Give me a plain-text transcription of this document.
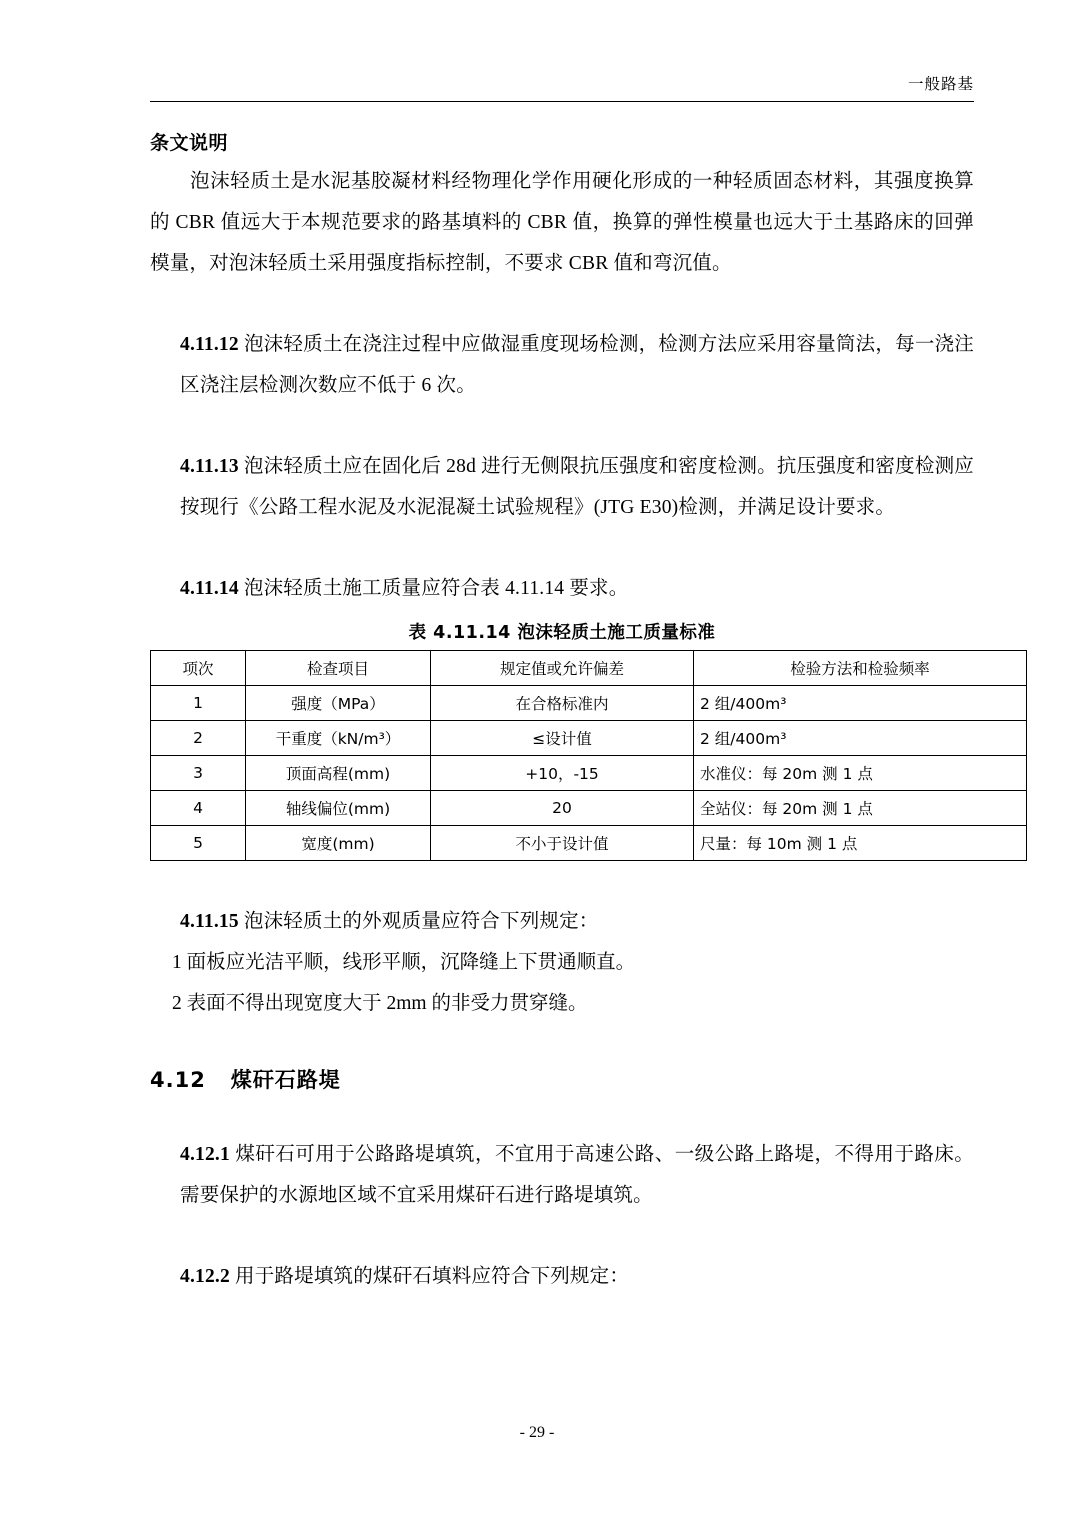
一般路基
条文说明

泡沫轻质土是水泥基胶凝材料经物理化学作用硬化形成的一种轻质固态材料，其强度换算的 CBR 值远大于本规范要求的路基填料的 CBR 值，换算的弹性模量也远大于土基路床的回弹模量，对泡沫轻质土采用强度指标控制，不要求 CBR 值和弯沉值。

4.11.12 泡沫轻质土在浇注过程中应做湿重度现场检测，检测方法应采用容量筒法，每一浇注区浇注层检测次数应不低于 6 次。

4.11.13 泡沫轻质土应在固化后 28d 进行无侧限抗压强度和密度检测。抗压强度和密度检测应按现行《公路工程水泥及水泥混凝土试验规程》(JTG E30)检测，并满足设计要求。

4.11.14 泡沫轻质土施工质量应符合表 4.11.14 要求。

表 4.11.14 泡沫轻质土施工质量标准
项次	检查项目	规定值或允许偏差	检验方法和检验频率
1	强度（MPa）	在合格标准内	2 组/400m³
2	干重度（kN/m³）	≤设计值	2 组/400m³
3	顶面高程(mm)	+10，-15	水准仪：每 20m 测 1 点
4	轴线偏位(mm)	20	全站仪：每 20m 测 1 点
5	宽度(mm)	不小于设计值	尺量：每 10m 测 1 点

4.11.15 泡沫轻质土的外观质量应符合下列规定：

1 面板应光洁平顺，线形平顺，沉降缝上下贯通顺直。

2 表面不得出现宽度大于 2mm 的非受力贯穿缝。

4.12 煤矸石路堤

4.12.1 煤矸石可用于公路路堤填筑，不宜用于高速公路、一级公路上路堤，不得用于路床。需要保护的水源地区域不宜采用煤矸石进行路堤填筑。

4.12.2 用于路堤填筑的煤矸石填料应符合下列规定：

- 29 -
